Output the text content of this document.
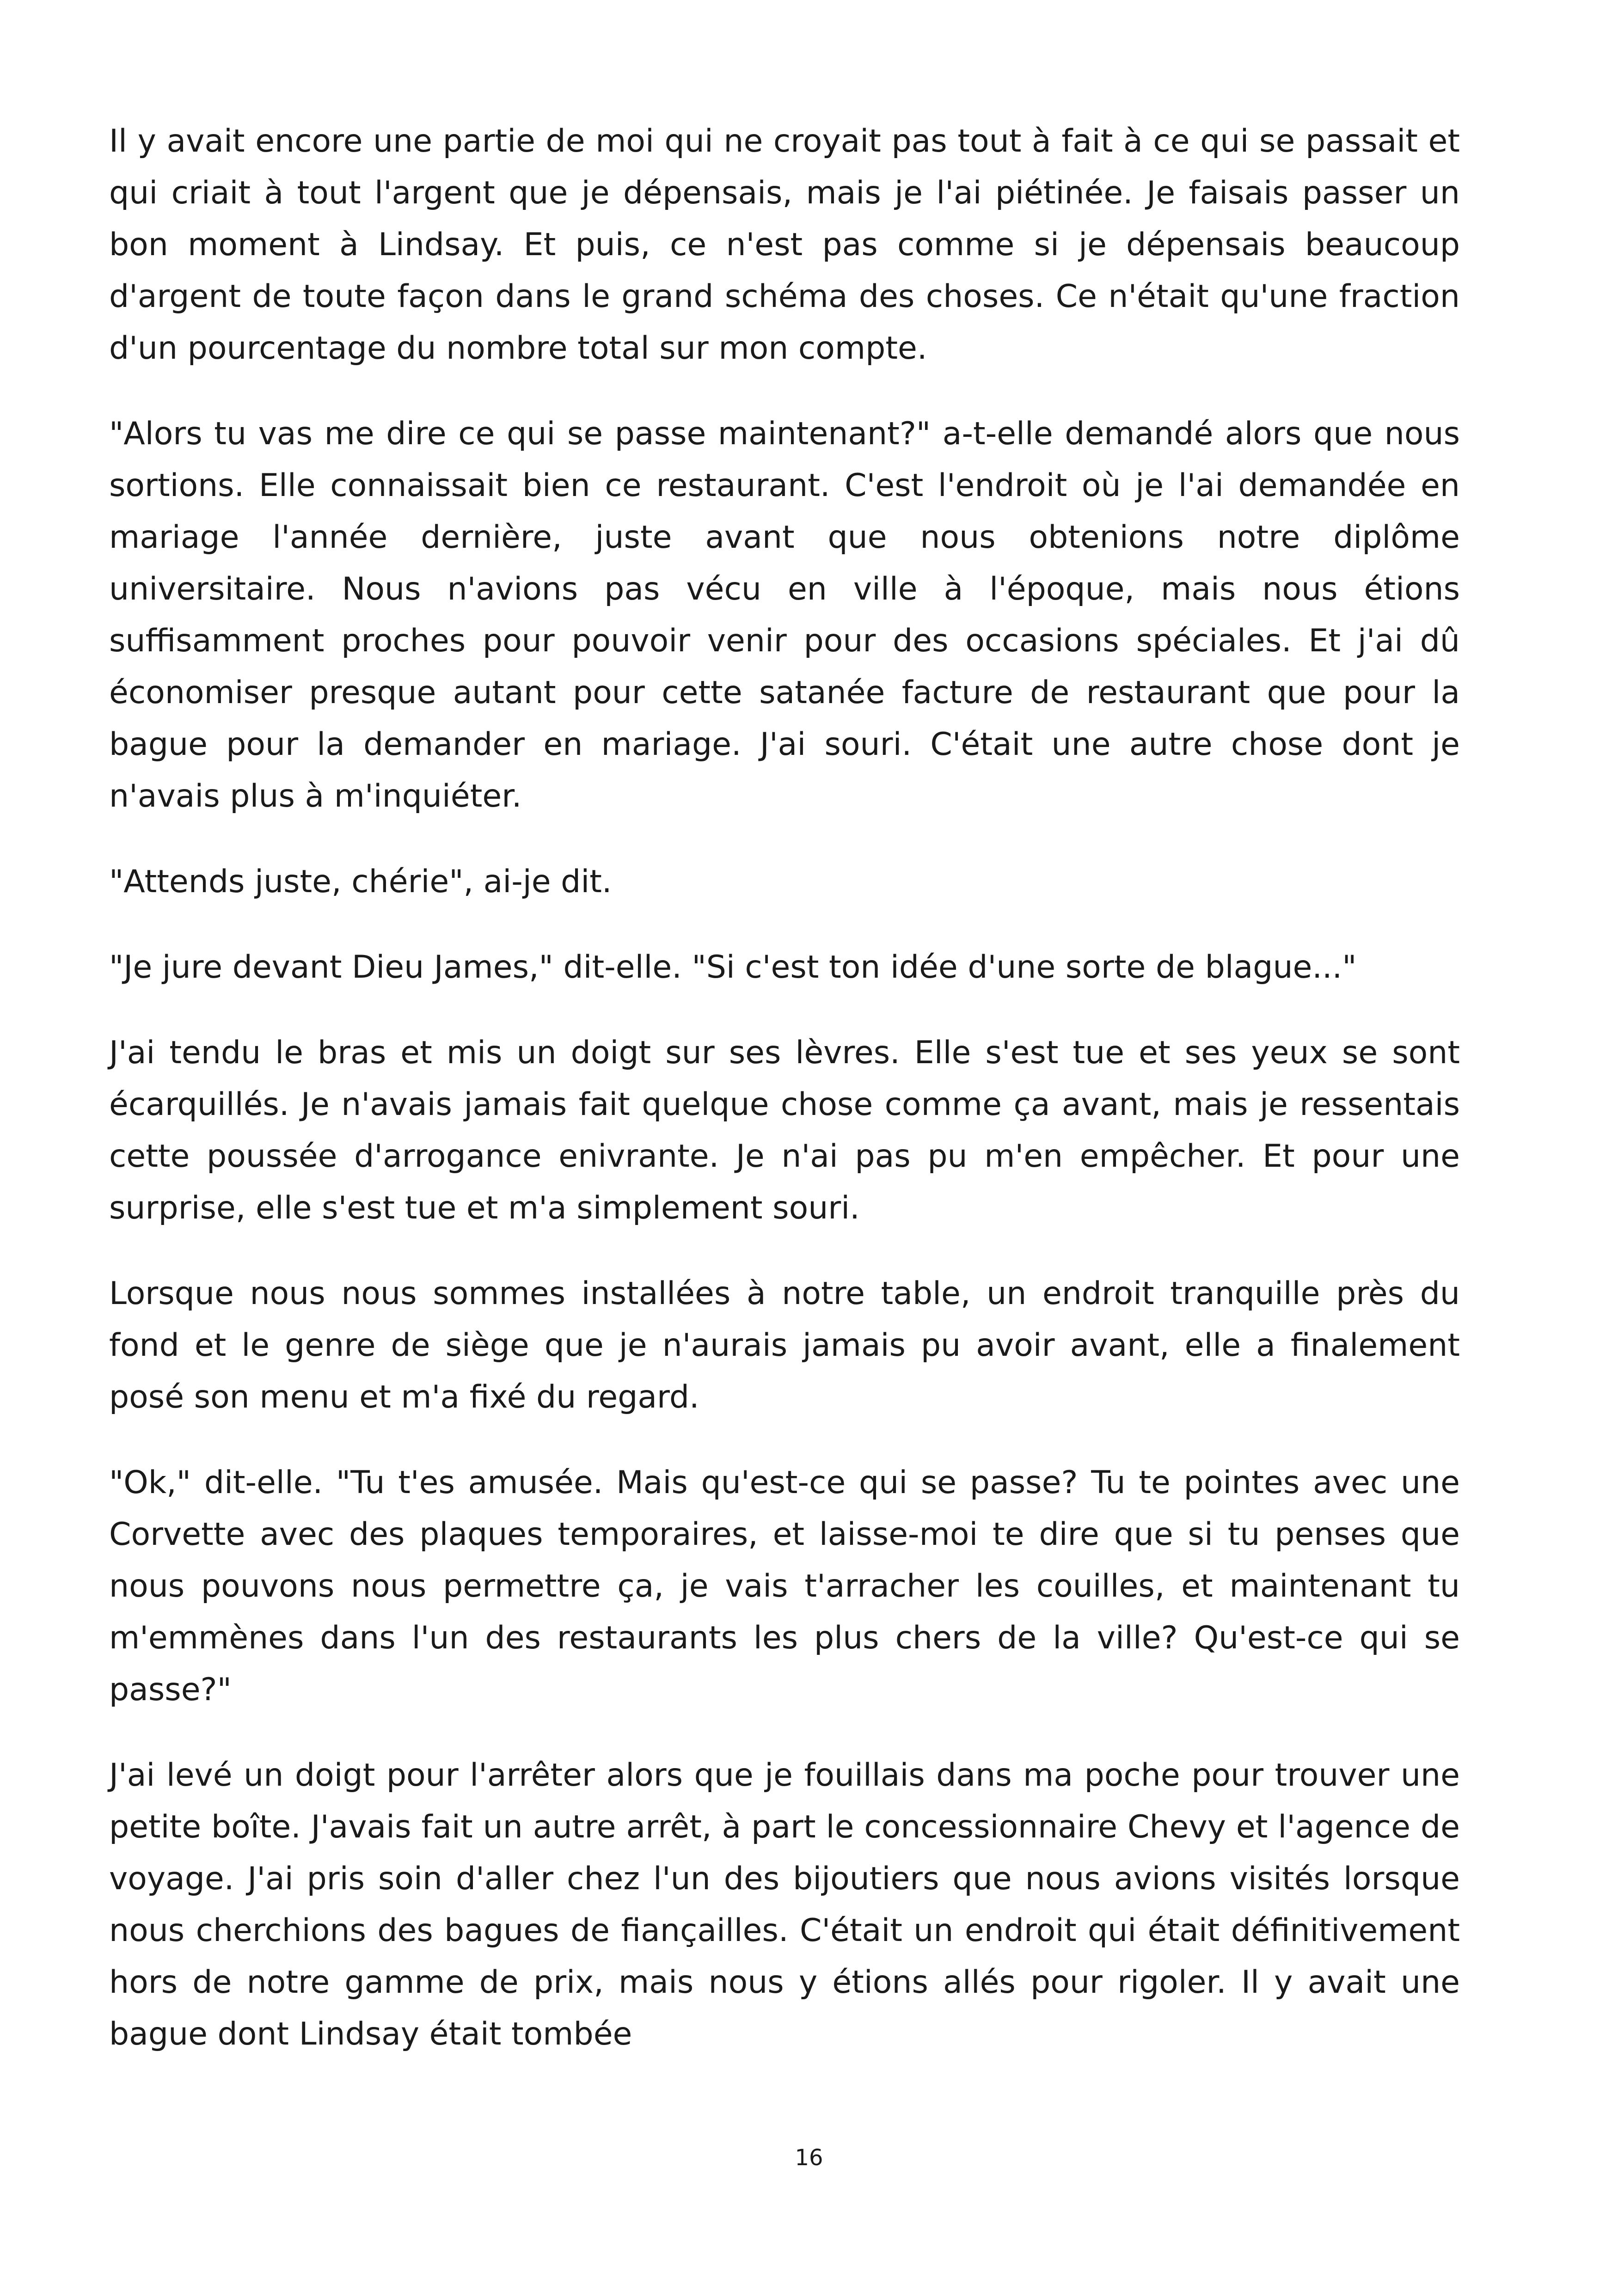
Il y avait encore une partie de moi qui ne croyait pas tout à fait à ce qui se passait et qui criait à tout l'argent que je dépensais, mais je l'ai piétinée. Je faisais passer un bon moment à Lindsay. Et puis, ce n'est pas comme si je dépensais beaucoup d'argent de toute façon dans le grand schéma des choses. Ce n'était qu'une fraction d'un pourcentage du nombre total sur mon compte.

"Alors tu vas me dire ce qui se passe maintenant?" a-t-elle demandé alors que nous sortions. Elle connaissait bien ce restaurant. C'est l'endroit où je l'ai demandée en mariage l'année dernière, juste avant que nous obtenions notre diplôme universitaire. Nous n'avions pas vécu en ville à l'époque, mais nous étions suffisamment proches pour pouvoir venir pour des occasions spéciales. Et j'ai dû économiser presque autant pour cette satanée facture de restaurant que pour la bague pour la demander en mariage. J'ai souri. C'était une autre chose dont je n'avais plus à m'inquiéter.

"Attends juste, chérie", ai-je dit.

"Je jure devant Dieu James," dit-elle. "Si c'est ton idée d'une sorte de blague..."

J'ai tendu le bras et mis un doigt sur ses lèvres. Elle s'est tue et ses yeux se sont écarquillés. Je n'avais jamais fait quelque chose comme ça avant, mais je ressentais cette poussée d'arrogance enivrante. Je n'ai pas pu m'en empêcher. Et pour une surprise, elle s'est tue et m'a simplement souri.

Lorsque nous nous sommes installées à notre table, un endroit tranquille près du fond et le genre de siège que je n'aurais jamais pu avoir avant, elle a finalement posé son menu et m'a fixé du regard.

"Ok," dit-elle. "Tu t'es amusée. Mais qu'est-ce qui se passe? Tu te pointes avec une Corvette avec des plaques temporaires, et laisse-moi te dire que si tu penses que nous pouvons nous permettre ça, je vais t'arracher les couilles, et maintenant tu m'emmènes dans l'un des restaurants les plus chers de la ville? Qu'est-ce qui se passe?"

J'ai levé un doigt pour l'arrêter alors que je fouillais dans ma poche pour trouver une petite boîte. J'avais fait un autre arrêt, à part le concessionnaire Chevy et l'agence de voyage. J'ai pris soin d'aller chez l'un des bijoutiers que nous avions visités lorsque nous cherchions des bagues de fiançailles. C'était un endroit qui était définitivement hors de notre gamme de prix, mais nous y étions allés pour rigoler. Il y avait une bague dont Lindsay était tombée

16
